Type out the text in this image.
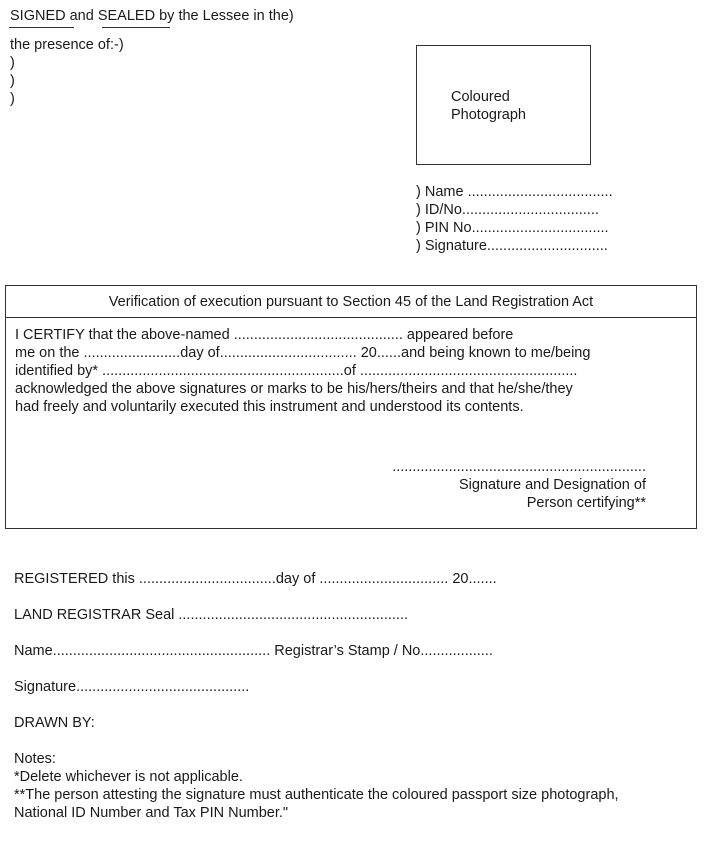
SIGNED and SEALED by the Lessee in the)
the presence of:-)
)
)
)	Coloured
Photograph
) Name ....................................
) ID/No..................................
) PIN No..................................
) Signature..............................
Verification of execution pursuant to Section 45 of the Land Registration Act
I CERTIFY that the above-named .......................................... appeared before
me on the ........................day of.................................. 20......and being known to me/being
identified by* ............................................................of ......................................................
acknowledged the above signatures or marks to be his/hers/theirs and that he/she/they
had freely and voluntarily executed this instrument and understood its contents.
...............................................................
Signature and Designation of
Person certifying**
REGISTERED this ..................................day of ................................ 20.......
LAND REGISTRAR Seal .........................................................
Name...................................................... Registrar’s Stamp / No..................
Signature...........................................
DRAWN BY:
Notes:
*Delete whichever is not applicable.
**The person attesting the signature must authenticate the coloured passport size photograph,
National ID Number and Tax PIN Number."
